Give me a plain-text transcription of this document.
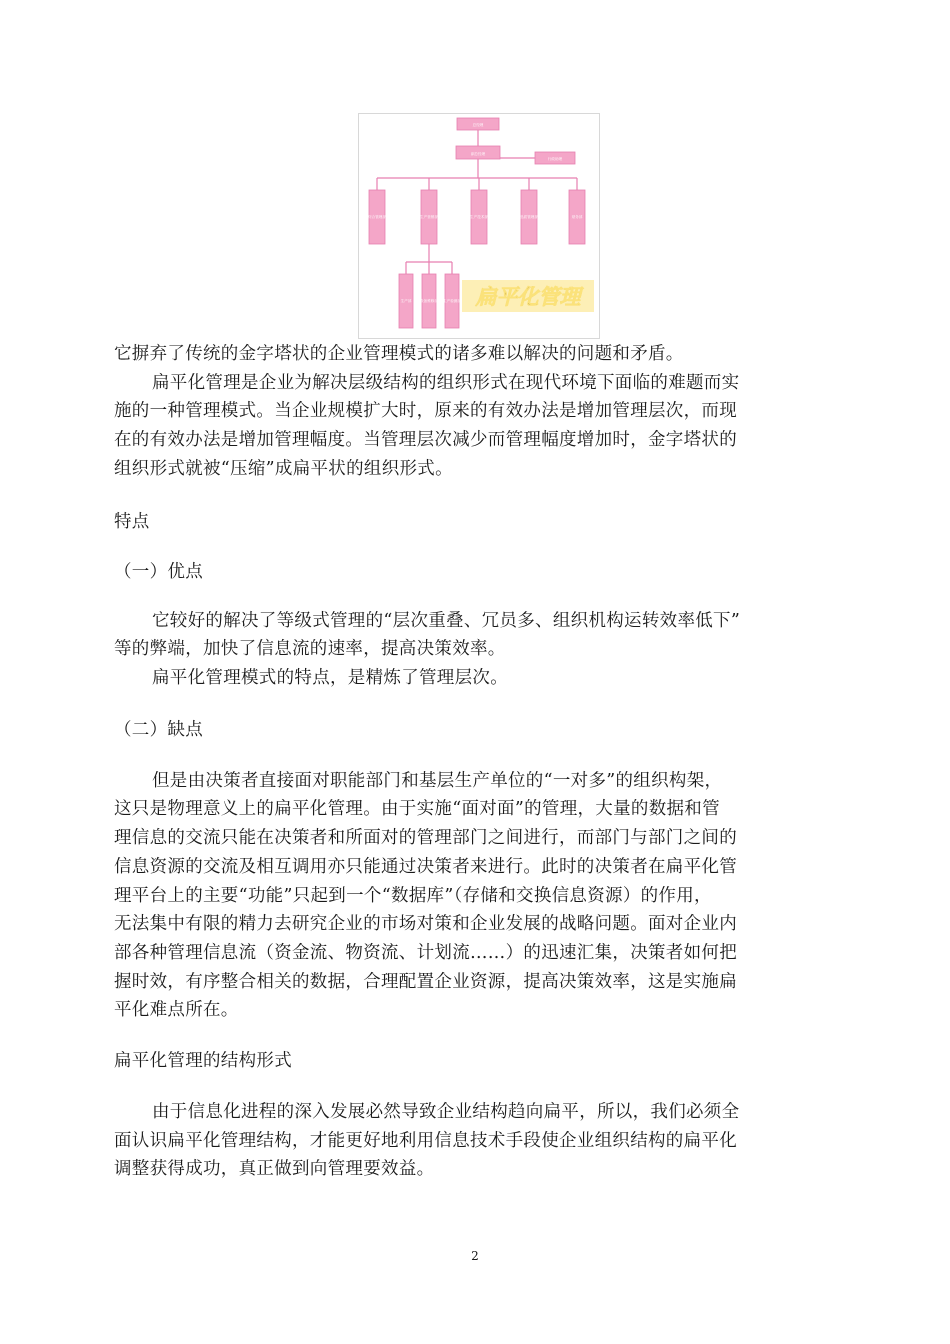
总经理
副总经理
行政助理
综合管理部	生产营销部	生产技术部	品质管理部	财务部
生产部 设备维修部 生产检测部 扁平化管理
它摒弃了传统的金字塔状的企业管理模式的诸多难以解决的问题和矛盾。
扁平化管理是企业为解决层级结构的组织形式在现代环境下面临的难题而实
施的一种管理模式。当企业规模扩大时，原来的有效办法是增加管理层次，而现
在的有效办法是增加管理幅度。当管理层次减少而管理幅度增加时，金字塔状的
组织形式就被“压缩”成扁平状的组织形式。
特点
（一）优点
它较好的解决了等级式管理的“层次重叠、冗员多、组织机构运转效率低下”
等的弊端，加快了信息流的速率，提高决策效率。
扁平化管理模式的特点，是精炼了管理层次。
（二）缺点
但是由决策者直接面对职能部门和基层生产单位的“一对多”的组织构架，
这只是物理意义上的扁平化管理。由于实施“面对面”的管理，大量的数据和管
理信息的交流只能在决策者和所面对的管理部门之间进行，而部门与部门之间的
信息资源的交流及相互调用亦只能通过决策者来进行。此时的决策者在扁平化管
理平台上的主要“功能”只起到一个“数据库”（存储和交换信息资源）的作用，
无法集中有限的精力去研究企业的市场对策和企业发展的战略问题。面对企业内
部各种管理信息流（资金流、物资流、计划流……）的迅速汇集，决策者如何把
握时效，有序整合相关的数据，合理配置企业资源，提高决策效率，这是实施扁
平化难点所在。
扁平化管理的结构形式
由于信息化进程的深入发展必然导致企业结构趋向扁平，所以，我们必须全
面认识扁平化管理结构，才能更好地利用信息技术手段使企业组织结构的扁平化
调整获得成功，真正做到向管理要效益。
2
